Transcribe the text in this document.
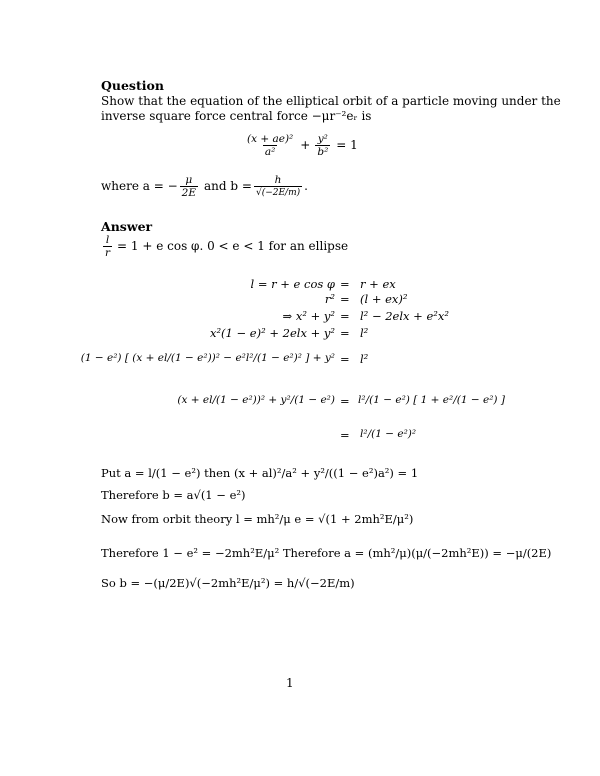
Question
Show that the equation of the elliptical orbit of a particle moving under the
inverse square force central force −μr⁻²eᵣ is
$\frac{\text{(x + ae)²}}{\text{a²}} + \frac{\text{y²}}{\text{b²}} = 1$
where a = − $\frac{\mu}{2E}$ and $b = \frac{h}{√(-2E/m)}$ .
Answer
$\frac{l}{r} = 1 + e$ cos φ. 0 < e < 1 for an ellipse
l = r + e cos φ = r + ex
r² = (l + ex)²
⇒ x² + y² = l² − 2elx + e²x²
x²(1 − e)² + 2elx + y² = l²
(1 − e²) [ (x + el/(1 − e²))² − e²l²/(1 − e²)² ] + y² = l²
(x + el/(1 − e²))² + y²/(1 − e²) = l²/(1 − e²) [ 1 + e²/(1 − e²) ]
= l²/(1 − e²)²
Put a = l/(1 − e²) then (x + al)²/a² + y²/((1 − e²)a²) = 1
Therefore b = a√(1 − e²)
Now from orbit theory l = mh²/μ e = √(1 + 2mh²E/μ²)
Therefore 1 − e² = −2mh²E/μ² Therefore a = (mh²/μ)(μ/(−2mh²E)) = −μ/(2E)
So b = −(μ/2E)√(−2mh²E/μ²) = h/√(−2E/m)
1
